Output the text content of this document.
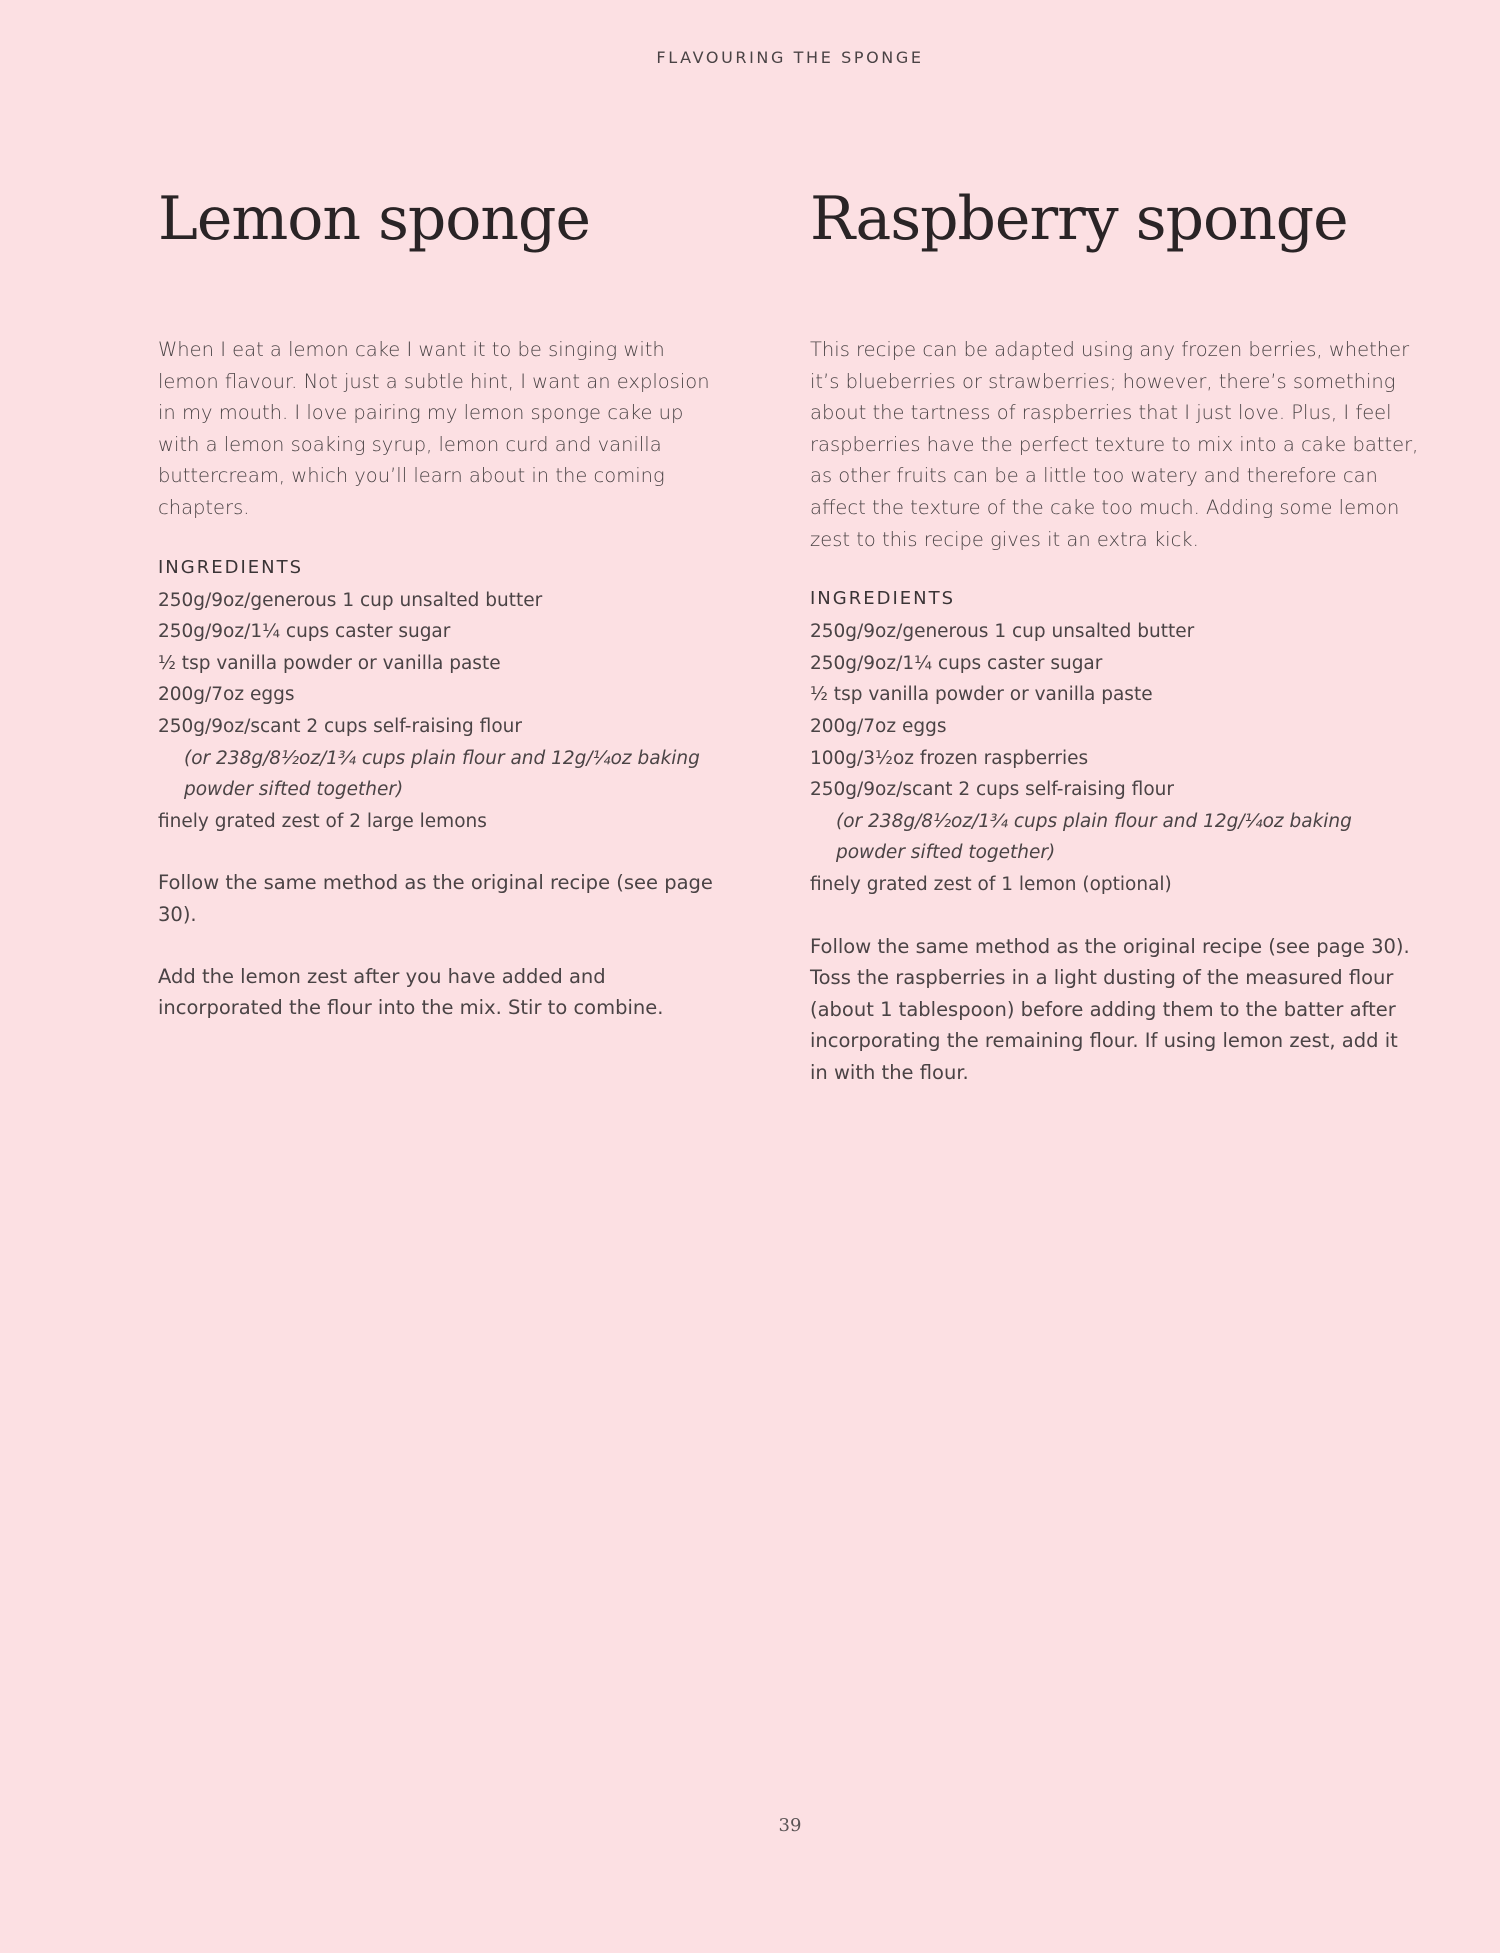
FLAVOURING THE SPONGE
Lemon sponge

When I eat a lemon cake I want it to be singing with lemon flavour. Not just a subtle hint, I want an explosion in my mouth. I love pairing my lemon sponge cake up with a lemon soaking syrup, lemon curd and vanilla buttercream, which you’ll learn about in the coming chapters.

INGREDIENTS
250g/9oz/generous 1 cup unsalted butter
250g/9oz/1¼ cups caster sugar
½ tsp vanilla powder or vanilla paste
200g/7oz eggs
250g/9oz/scant 2 cups self-raising flour
(or 238g/8½oz/1¾ cups plain flour and 12g/¼oz baking powder sifted together)
finely grated zest of 2 large lemons

Follow the same method as the original recipe (see page 30).

Add the lemon zest after you have added and incorporated the flour into the mix. Stir to combine.

Raspberry sponge

This recipe can be adapted using any frozen berries, whether it’s blueberries or strawberries; however, there’s something about the tartness of raspberries that I just love. Plus, I feel raspberries have the perfect texture to mix into a cake batter, as other fruits can be a little too watery and therefore can affect the texture of the cake too much. Adding some lemon zest to this recipe gives it an extra kick.

INGREDIENTS
250g/9oz/generous 1 cup unsalted butter
250g/9oz/1¼ cups caster sugar
½ tsp vanilla powder or vanilla paste
200g/7oz eggs
100g/3½oz frozen raspberries
250g/9oz/scant 2 cups self-raising flour
(or 238g/8½oz/1¾ cups plain flour and 12g/¼oz baking powder sifted together)
finely grated zest of 1 lemon (optional)

Follow the same method as the original recipe (see page 30). Toss the raspberries in a light dusting of the measured flour (about 1 tablespoon) before adding them to the batter after incorporating the remaining flour. If using lemon zest, add it in with the flour.

39
